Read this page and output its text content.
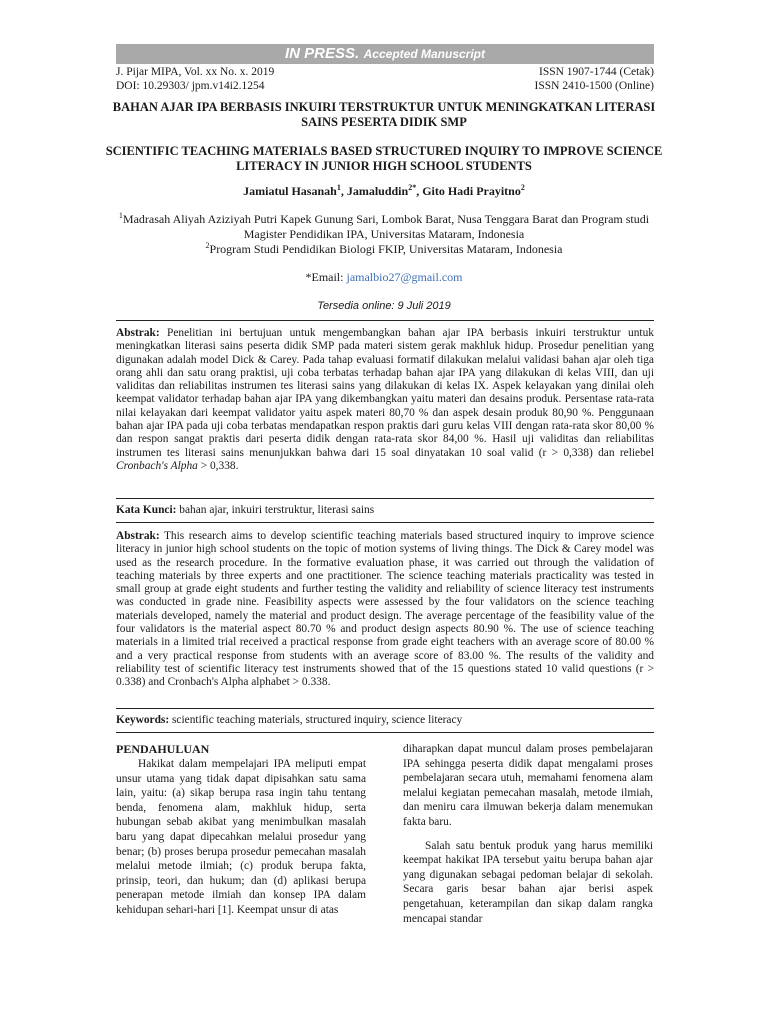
IN PRESS. Accepted Manuscript
J. Pijar MIPA, Vol. xx No. x. 2019
DOI: 10.29303/ jpm.v14i2.1254
ISSN 1907-1744 (Cetak)
ISSN 2410-1500 (Online)
BAHAN AJAR IPA BERBASIS INKUIRI TERSTRUKTUR UNTUK MENINGKATKAN LITERASI SAINS PESERTA DIDIK SMP
SCIENTIFIC TEACHING MATERIALS BASED STRUCTURED INQUIRY TO IMPROVE SCIENCE LITERACY IN JUNIOR HIGH SCHOOL STUDENTS
Jamiatul Hasanah$^1$, Jamaluddin$^{2*}$, Gito Hadi Prayitno$^2$
$^1$Madrasah Aliyah Aziziyah Putri Kapek Gunung Sari, Lombok Barat, Nusa Tenggara Barat dan Program studi
Magister Pendidikan IPA, Universitas Mataram, Indonesia
$^2$Program Studi Pendidikan Biologi FKIP, Universitas Mataram, Indonesia
*Email: jamalbio27@gmail.com
Tersedia online: 9 Juli 2019

Abstrak: Penelitian ini bertujuan untuk mengembangkan bahan ajar IPA berbasis inkuiri terstruktur untuk meningkatkan literasi sains peserta didik SMP pada materi sistem gerak makhluk hidup. Prosedur penelitian yang digunakan adalah model Dick & Carey. Pada tahap evaluasi formatif dilakukan melalui validasi bahan ajar oleh tiga orang ahli dan satu orang praktisi, uji coba terbatas terhadap bahan ajar IPA yang dilakukan di kelas VIII, dan uji validitas dan reliabilitas instrumen tes literasi sains yang dilakukan di kelas IX. Aspek kelayakan yang dinilai oleh keempat validator terhadap bahan ajar IPA yang dikembangkan yaitu materi dan desains produk. Persentase rata-rata nilai kelayakan dari keempat validator yaitu aspek materi 80,70 % dan aspek desain produk 80,90 %. Penggunaan bahan ajar IPA pada uji coba terbatas mendapatkan respon praktis dari guru kelas VIII dengan rata-rata skor 80,00 % dan respon sangat praktis dari peserta didik dengan rata-rata skor 84,00 %. Hasil uji validitas dan reliabilitas instrumen tes literasi sains menunjukkan bahwa dari 15 soal dinyatakan 10 soal valid (r > 0,338) dan reliebel Cronbach's Alpha > 0,338.

Kata Kunci: bahan ajar, inkuiri terstruktur, literasi sains

Abstrak: This research aims to develop scientific teaching materials based structured inquiry to improve science literacy in junior high school students on the topic of motion systems of living things. The Dick & Carey model was used as the research procedure. In the formative evaluation phase, it was carried out through the validation of teaching materials by three experts and one practitioner. The science teaching materials practicality was tested in small group at grade eight students and further testing the validity and reliability of science literacy test instruments was conducted in grade nine. Feasibility aspects were assessed by the four validators on the science teaching materials developed, namely the material and product design. The average percentage of the feasibility value of the four validators is the material aspect 80.70 % and product design aspects 80.90 %. The use of science teaching materials in a limited trial received a practical response from grade eight teachers with an average score of 80.00 % and a very practical response from students with an average score of 83.00 %. The results of the validity and reliability test of scientific literacy test instruments showed that of the 15 questions stated 10 valid questions (r > 0.338) and Cronbach's Alpha alphabet > 0.338.

Keywords: scientific teaching materials, structured inquiry, science literacy
PENDAHULUAN

Hakikat dalam mempelajari IPA meliputi empat unsur utama yang tidak dapat dipisahkan satu sama lain, yaitu: (a) sikap berupa rasa ingin tahu tentang benda, fenomena alam, makhluk hidup, serta hubungan sebab akibat yang menimbulkan masalah baru yang dapat dipecahkan melalui prosedur yang benar; (b) proses berupa prosedur pemecahan masalah melalui metode ilmiah; (c) produk berupa fakta, prinsip, teori, dan hukum; dan (d) aplikasi berupa penerapan metode ilmiah dan konsep IPA dalam kehidupan sehari-hari [1]. Keempat unsur di atas

diharapkan dapat muncul dalam proses pembelajaran IPA sehingga peserta didik dapat mengalami proses pembelajaran secara utuh, memahami fenomena alam melalui kegiatan pemecahan masalah, metode ilmiah, dan meniru cara ilmuwan bekerja dalam menemukan fakta baru.

Salah satu bentuk produk yang harus memiliki keempat hakikat IPA tersebut yaitu berupa bahan ajar yang digunakan sebagai pedoman belajar di sekolah. Secara garis besar bahan ajar berisi aspek pengetahuan, keterampilan dan sikap dalam rangka mencapai standar
